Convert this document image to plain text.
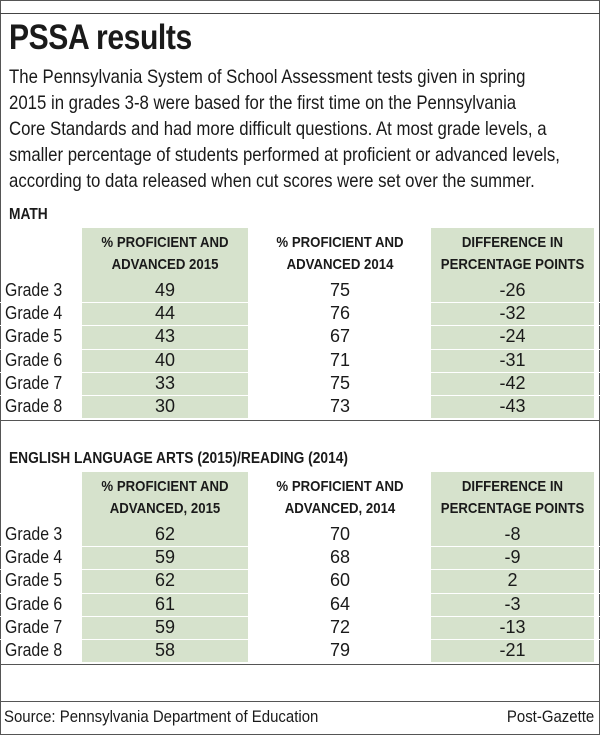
PSSA results
The Pennsylvania System of School Assessment tests given in spring
2015 in grades 3-8 were based for the first time on the Pennsylvania
Core Standards and had more difficult questions. At most grade levels, a
smaller percentage of students performed at proficient or advanced levels,
according to data released when cut scores were set over the summer.
MATH
% PROFICIENT AND
ADVANCED 2015
% PROFICIENT AND
ADVANCED 2014
DIFFERENCE IN
PERCENTAGE POINTS
Grade 3	49	75	-26
Grade 4	44	76	-32
Grade 5	43	67	-24
Grade 6	40	71	-31
Grade 7	33	75	-42
Grade 8	30	73	-43
ENGLISH LANGUAGE ARTS (2015)/READING (2014)
% PROFICIENT AND
ADVANCED, 2015
% PROFICIENT AND
ADVANCED, 2014
DIFFERENCE IN
PERCENTAGE POINTS
Grade 3	62	70	-8
Grade 4	59	68	-9
Grade 5	62	60	2
Grade 6	61	64	-3
Grade 7	59	72	-13
Grade 8	58	79	-21
Source: Pennsylvania Department of Education	Post-Gazette
